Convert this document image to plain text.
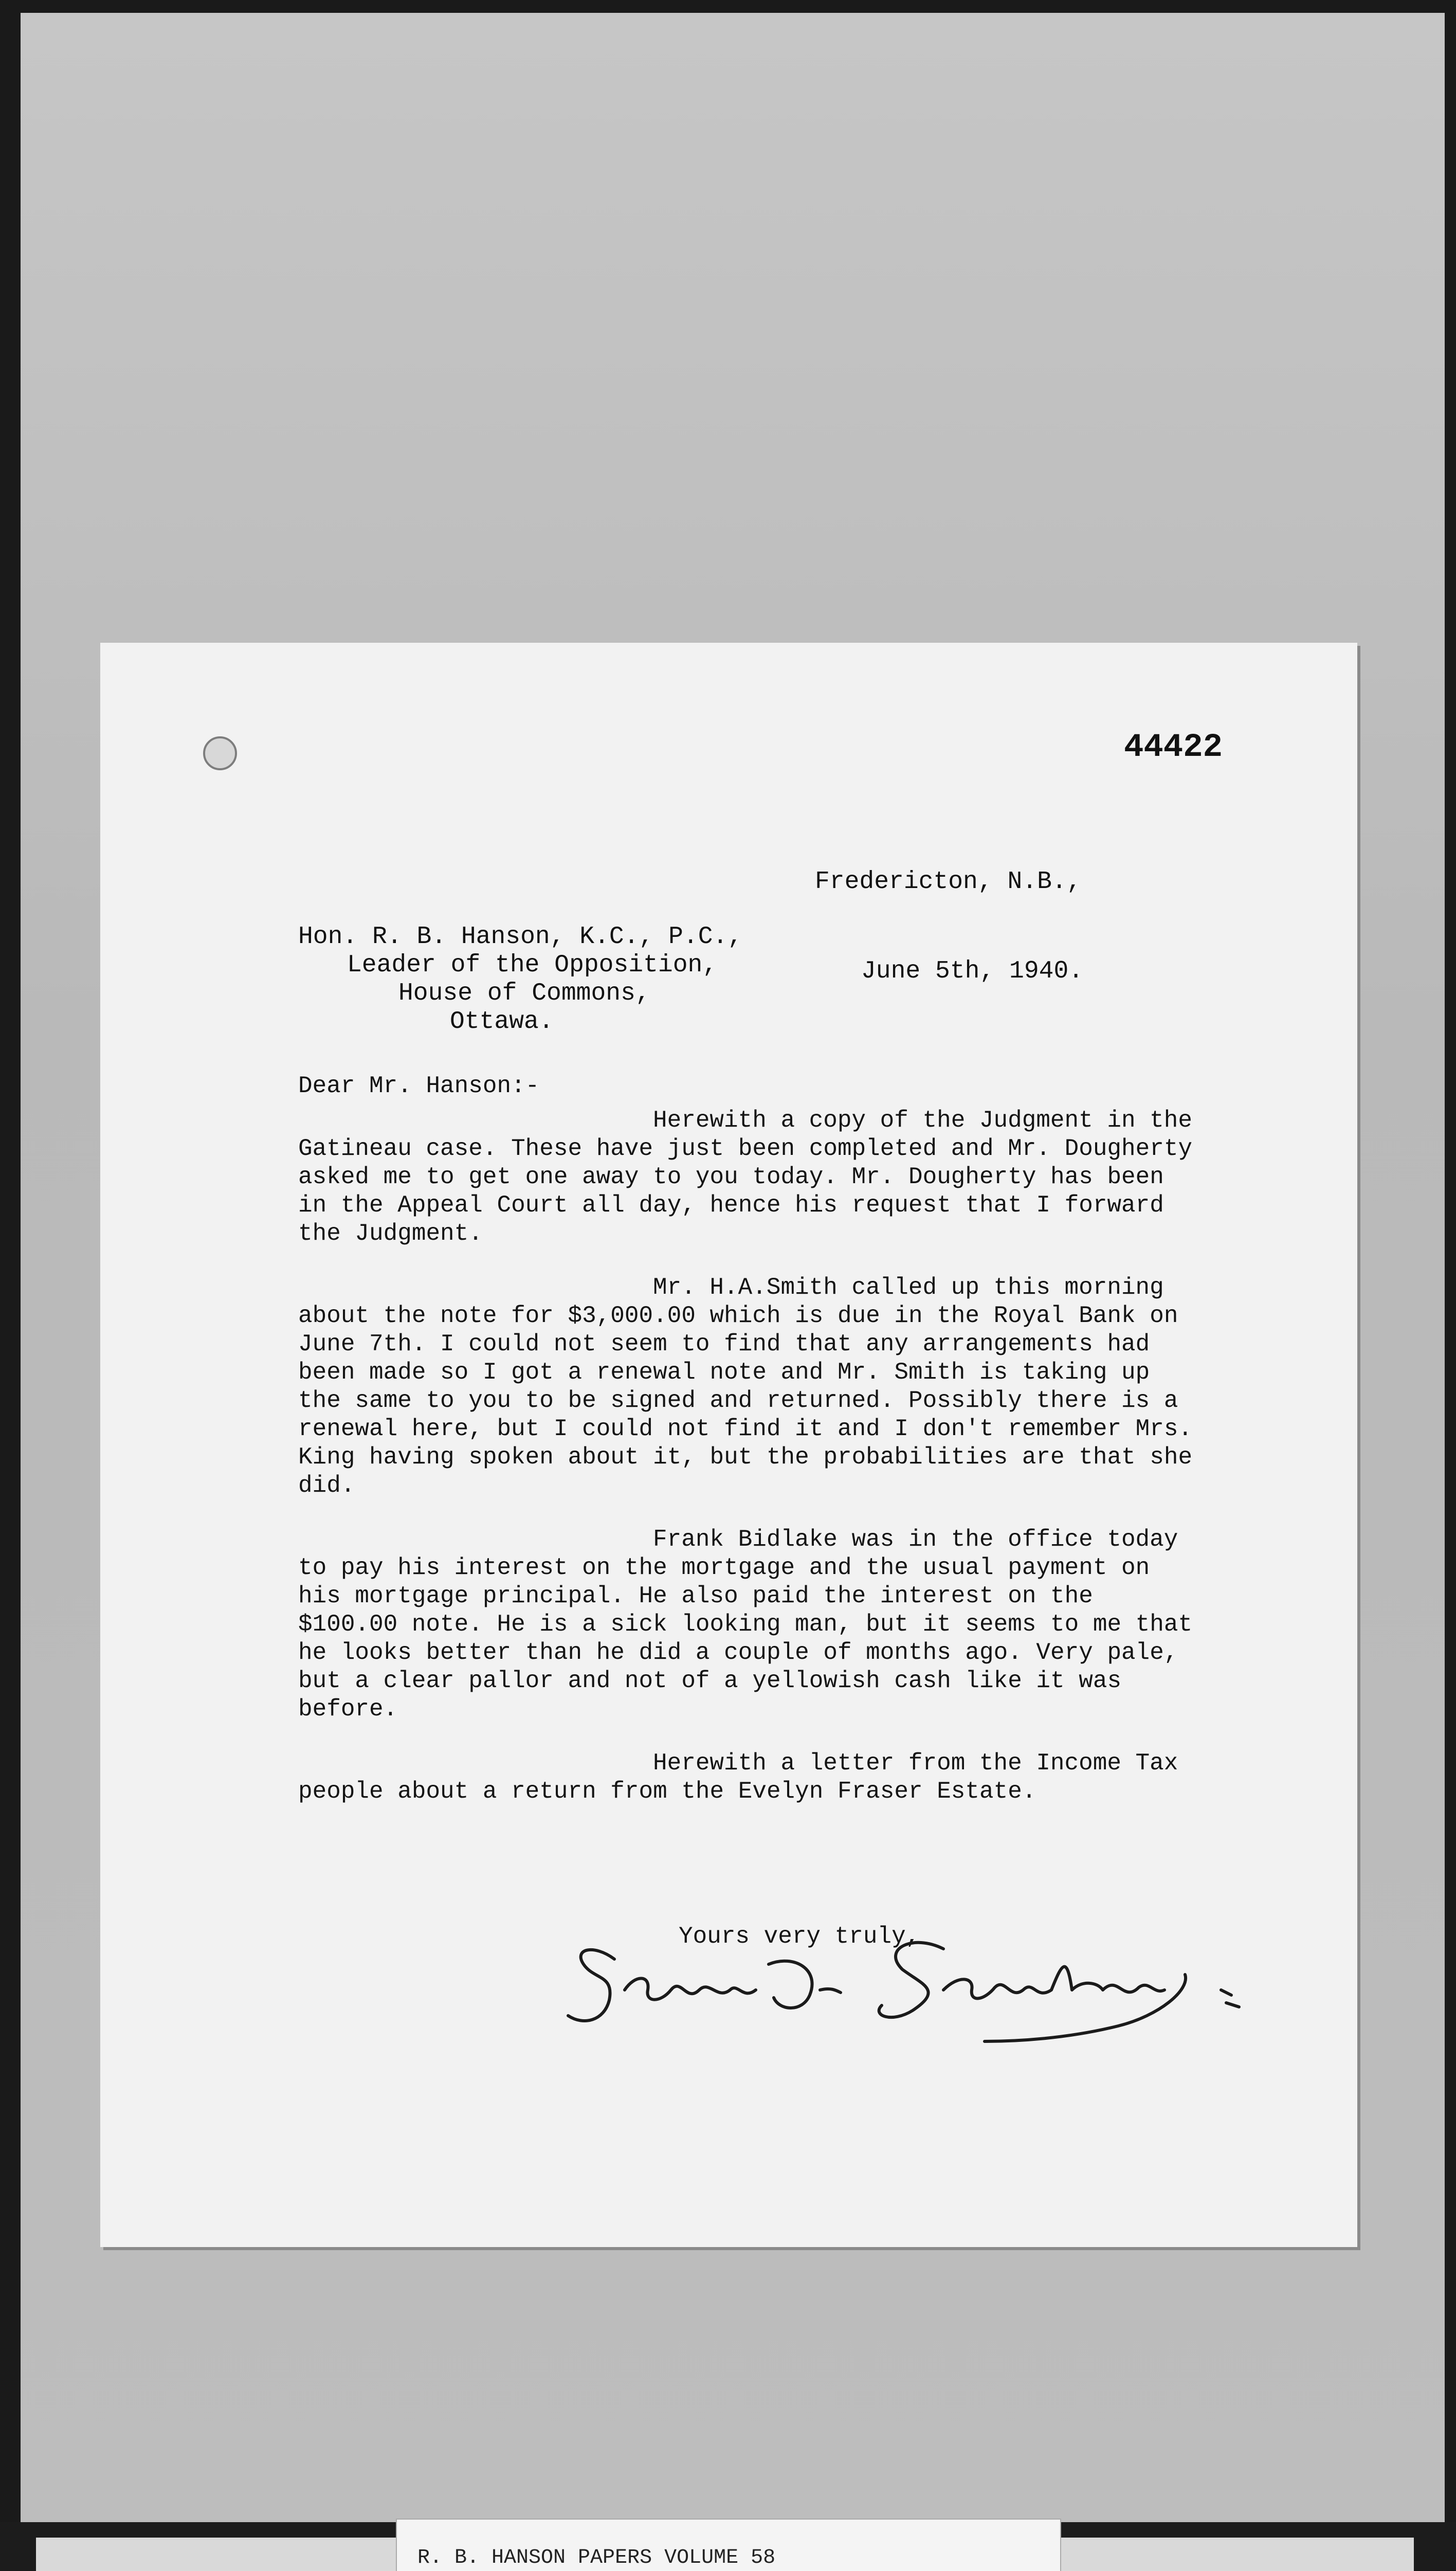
44422

Fredericton, N.B.,

June 5th, 1940.

Hon. R. B. Hanson, K.C., P.C.,
Leader of the Opposition,
House of Commons,
Ottawa.

Dear Mr. Hanson:-

Herewith a copy of the Judgment in the Gatineau case. These have just been completed and Mr. Dougherty asked me to get one away to you today. Mr. Dougherty has been in the Appeal Court all day, hence his request that I forward the Judgment.

Mr. H.A.Smith called up this morning about the note for $3,000.00 which is due in the Royal Bank on June 7th. I could not seem to find that any arrangements had been made so I got a renewal note and Mr. Smith is taking up the same to you to be signed and returned. Possibly there is a renewal here, but I could not find it and I don't remember Mrs. King having spoken about it, but the probabilities are that she did.

Frank Bidlake was in the office today to pay his interest on the mortgage and the usual payment on his mortgage principal. He also paid the interest on the $100.00 note. He is a sick looking man, but it seems to me that he looks better than he did a couple of months ago. Very pale, but a clear pallor and not of a yellowish cash like it was before.

Herewith a letter from the Income Tax people about a return from the Evelyn Fraser Estate.

Yours very truly,
R. B. HANSON PAPERS VOLUME 58
